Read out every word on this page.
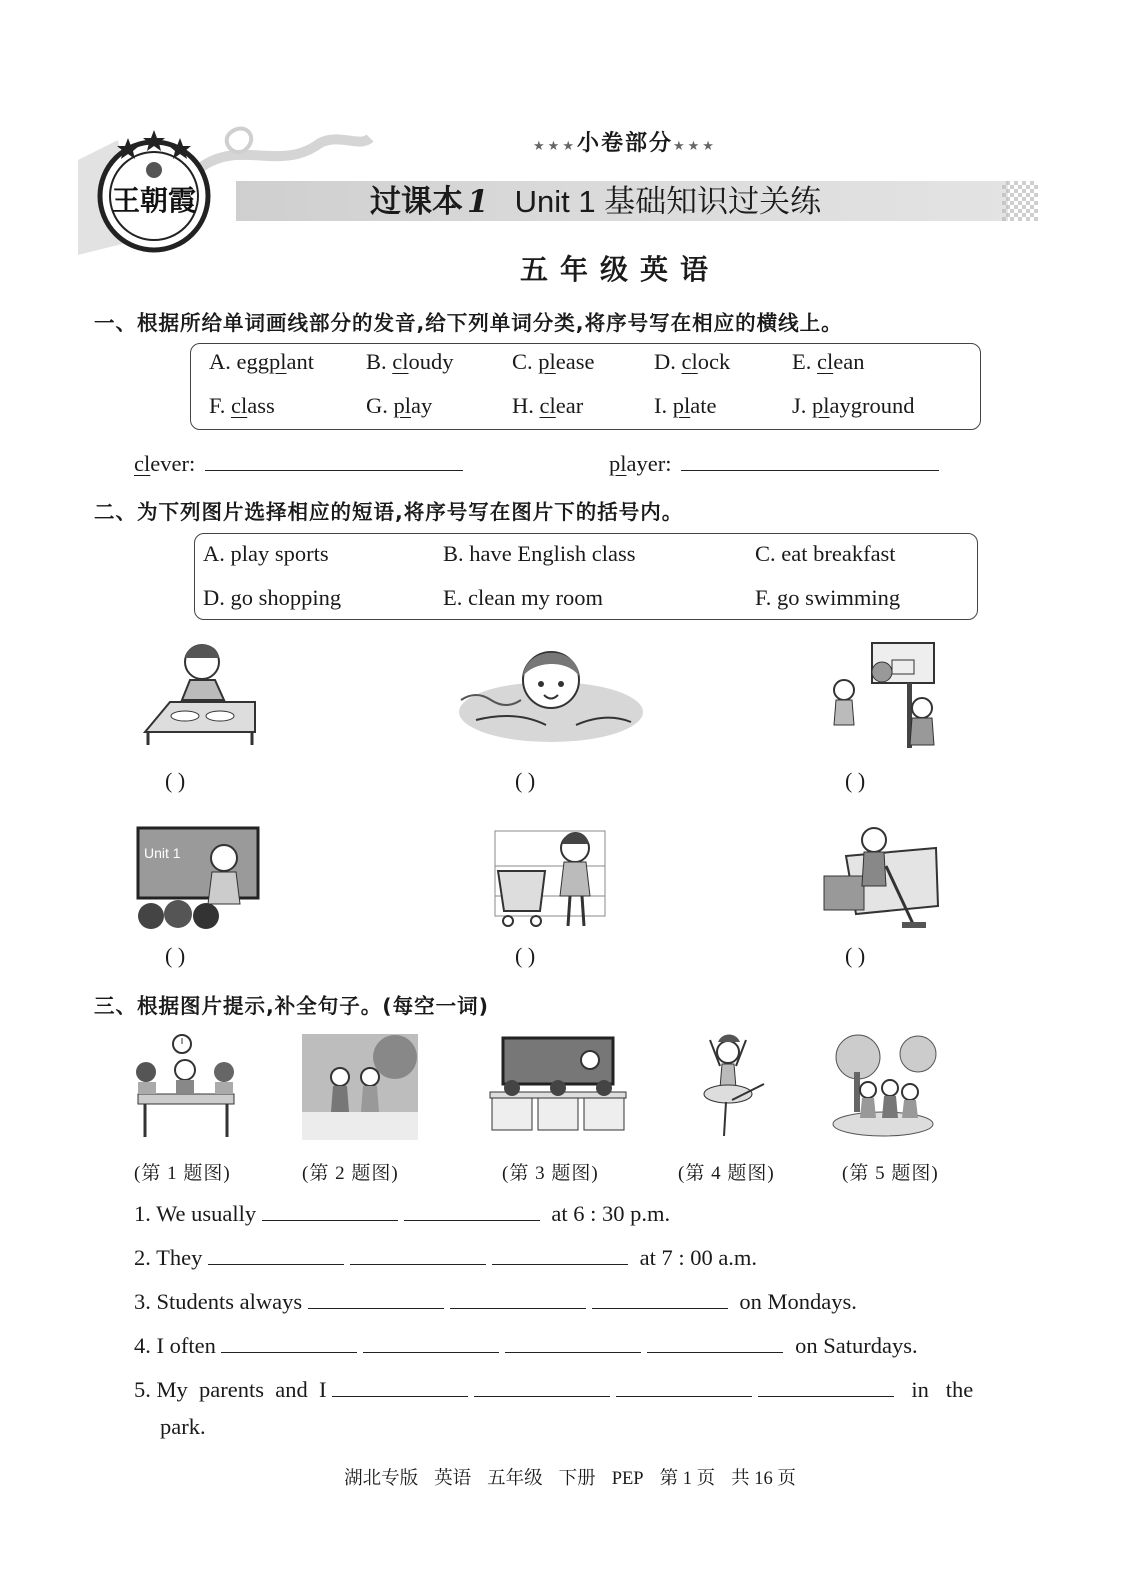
王朝霞
★★★小卷部分★★★
过课本 1 Unit 1 基础知识过关练
五年级英语
一、根据所给单词画线部分的发音,给下列单词分类,将序号写在相应的横线上。
A. eggplant B. cloudy	C. please	D. clock	E. clean
F. class	G. play	H. clear	I. plate	J. playground
clever:	player:
二、为下列图片选择相应的短语,将序号写在图片下的括号内。
A. play sports	B. have English class	C. eat breakfast
D. go shopping	E. clean my room	F. go swimming
( )	( )	( )
Unit 1
( )	( )	( )
三、根据图片提示,补全句子。(每空一词)
(第 1 题图)	(第 2 题图)	(第 3 题图)	(第 4 题图)	(第 5 题图)
1. We usually	at 6 : 30 p.m.
2. They	at 7 : 00 a.m.
3. Students always	on Mondays.
4. I often	on Saturdays.
5. My  parents  and  I	in   the
park.
湖北专版 英语 五年级 下册 PEP 第 1 页 共 16 页
